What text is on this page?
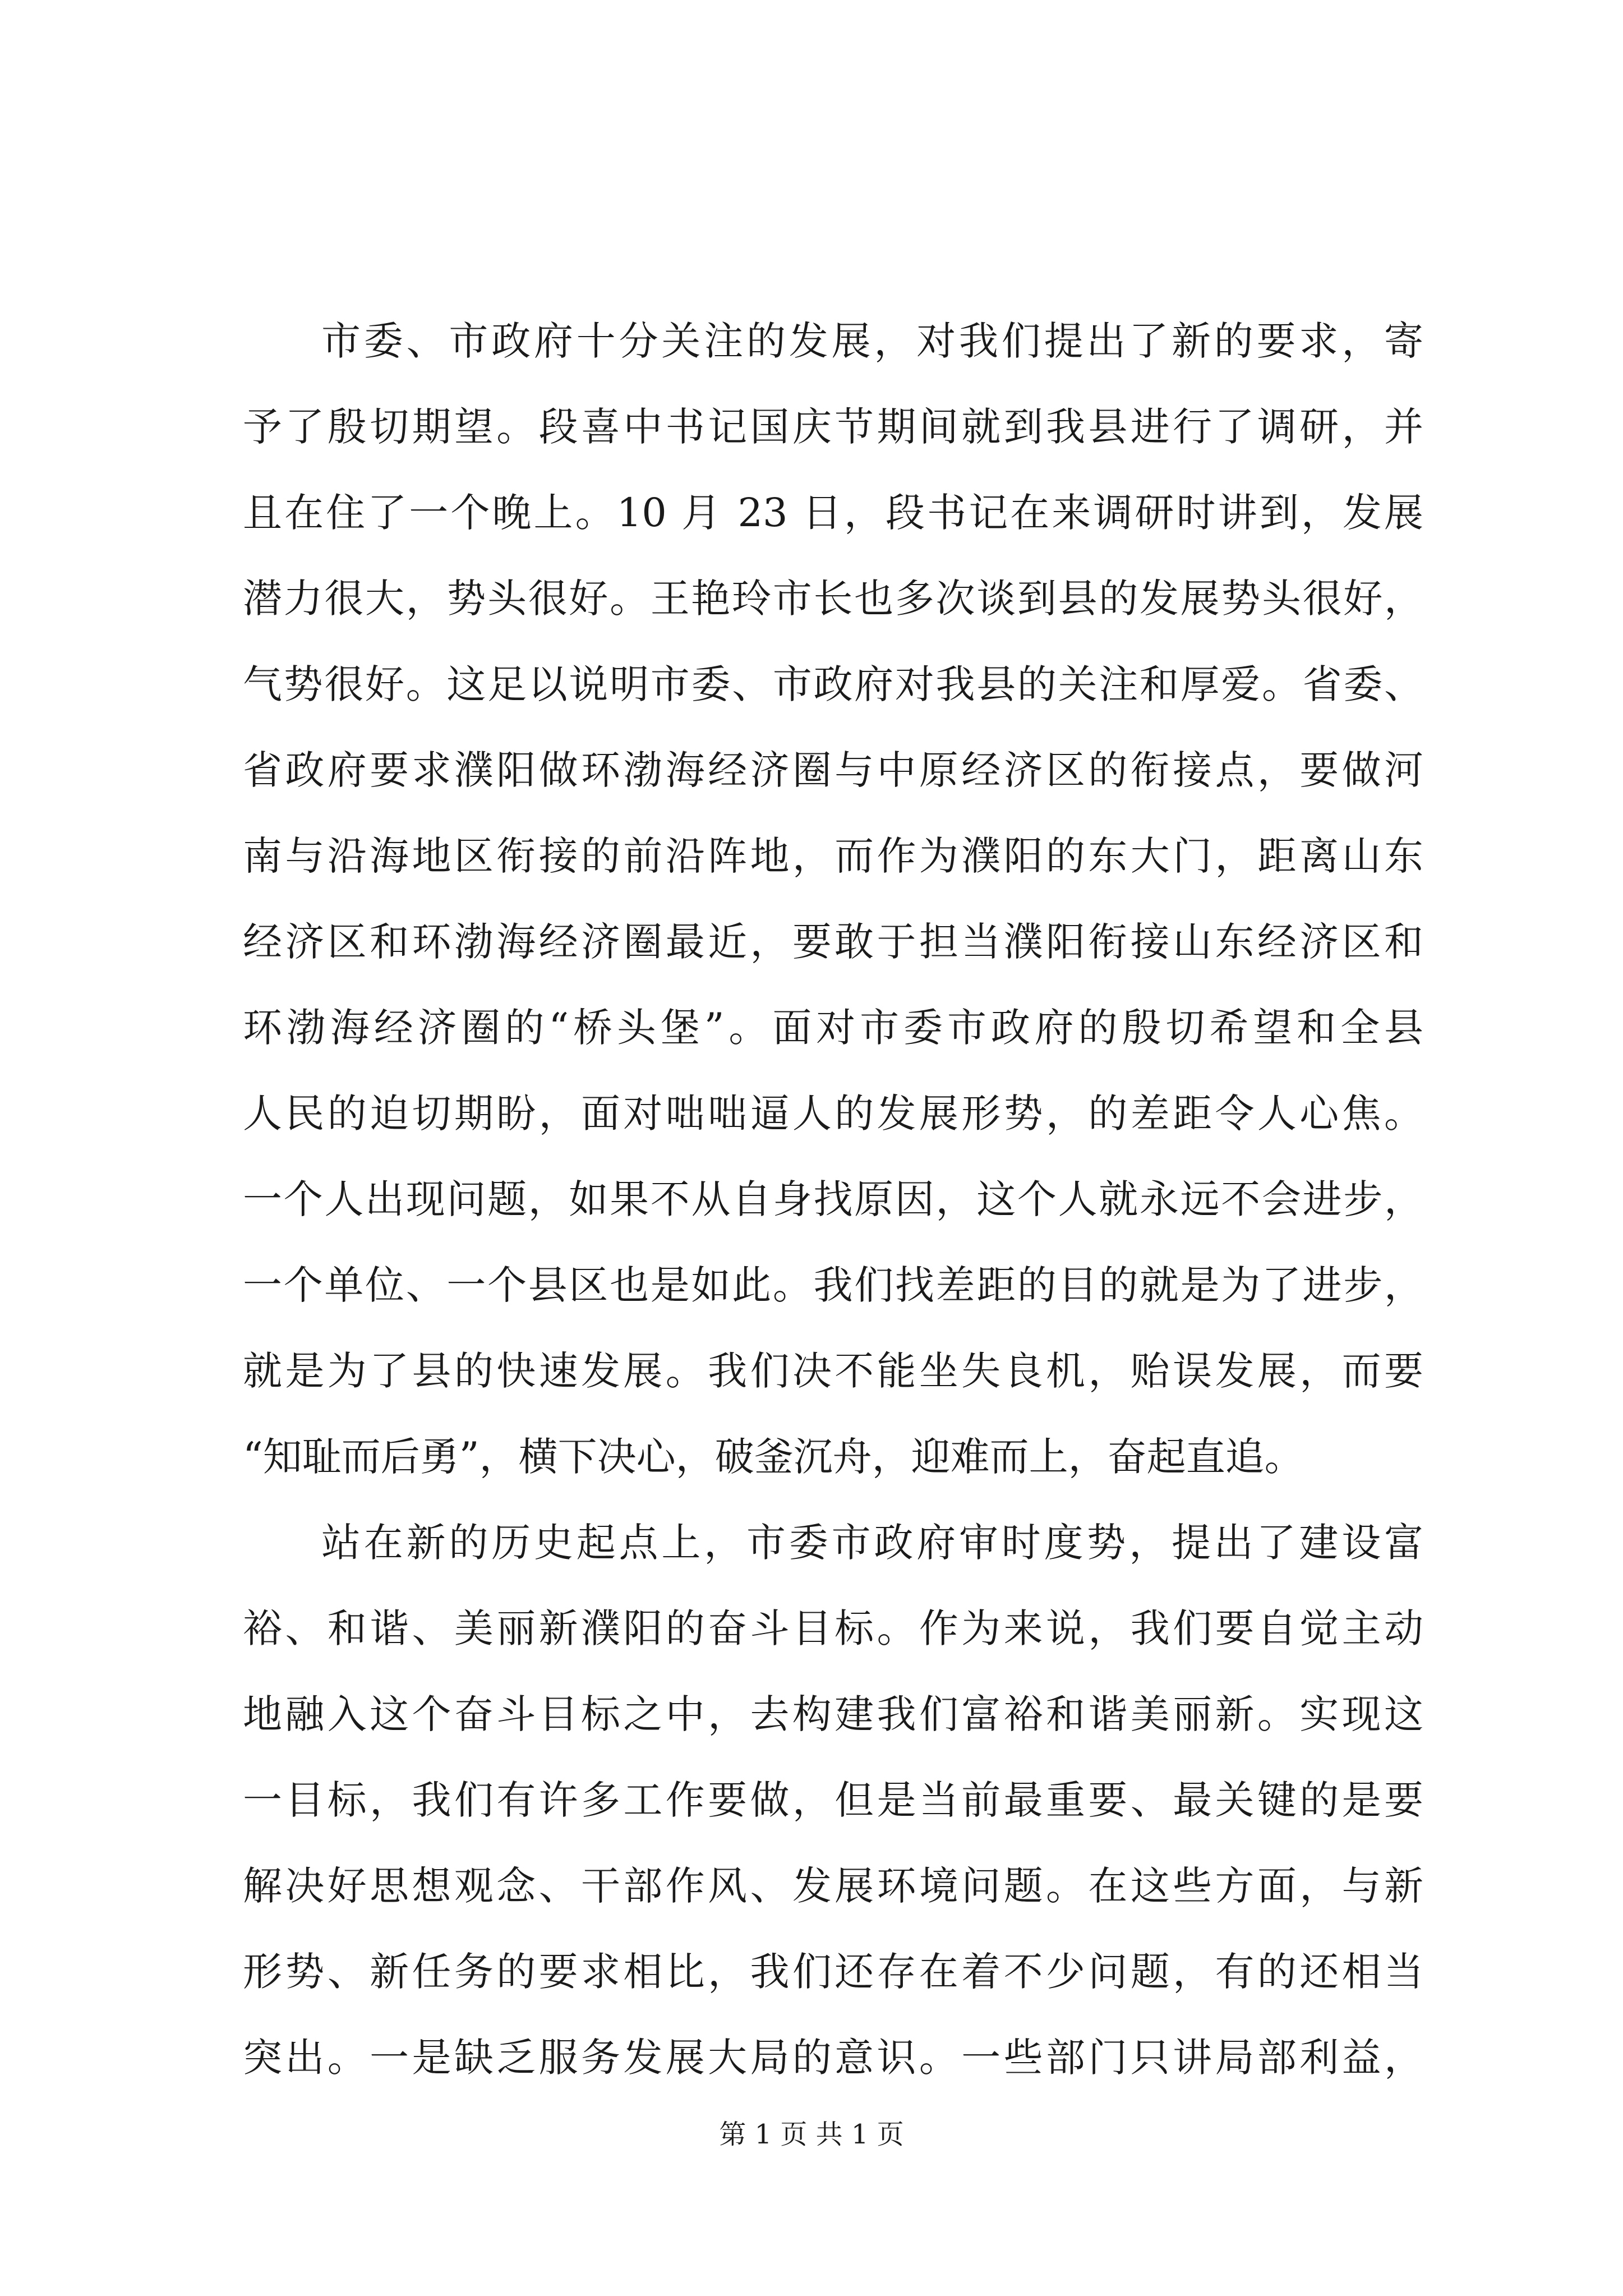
市委、市政府十分关注的发展，对我们提出了新的要求，寄
予了殷切期望。段喜中书记国庆节期间就到我县进行了调研，并
且在住了一个晚上。10 月 23 日，段书记在来调研时讲到，发展
潜力很大，势头很好。王艳玲市长也多次谈到县的发展势头很好，
气势很好。这足以说明市委、市政府对我县的关注和厚爱。省委、
省政府要求濮阳做环渤海经济圈与中原经济区的衔接点，要做河
南与沿海地区衔接的前沿阵地，而作为濮阳的东大门，距离山东
经济区和环渤海经济圈最近，要敢于担当濮阳衔接山东经济区和
环渤海经济圈的“桥头堡”。面对市委市政府的殷切希望和全县
人民的迫切期盼，面对咄咄逼人的发展形势，的差距令人心焦。
一个人出现问题，如果不从自身找原因，这个人就永远不会进步，
一个单位、一个县区也是如此。我们找差距的目的就是为了进步，
就是为了县的快速发展。我们决不能坐失良机，贻误发展，而要
“知耻而后勇”，横下决心，破釜沉舟，迎难而上，奋起直追。
站在新的历史起点上，市委市政府审时度势，提出了建设富
裕、和谐、美丽新濮阳的奋斗目标。作为来说，我们要自觉主动
地融入这个奋斗目标之中，去构建我们富裕和谐美丽新。实现这
一目标，我们有许多工作要做，但是当前最重要、最关键的是要
解决好思想观念、干部作风、发展环境问题。在这些方面，与新
形势、新任务的要求相比，我们还存在着不少问题，有的还相当
突出。一是缺乏服务发展大局的意识。一些部门只讲局部利益，
第 1 页 共 1 页
